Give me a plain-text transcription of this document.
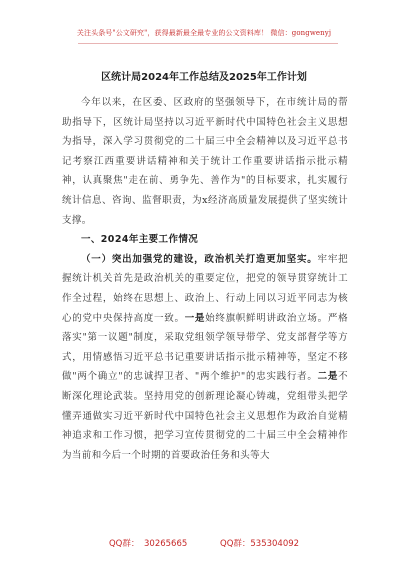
关注头条号"公文研究"，获得最新最全最专业的公文资料库！ 微信：gongwenyj
区统计局2024年工作总结及2025年工作计划

今年以来，在区委、区政府的坚强领导下，在市统计局的帮助指导下，区统计局坚持以习近平新时代中国特色社会主义思想为指导，深入学习贯彻党的二十届三中全会精神以及习近平总书记考察江西重要讲话精神和关于统计工作重要讲话指示批示精神，认真聚焦"走在前、勇争先、善作为"的目标要求，扎实履行统计信息、咨询、监督职责，为x经济高质量发展提供了坚实统计支撑。

一、2024年主要工作情况

（一）突出加强党的建设，政治机关打造更加坚实。牢牢把握统计机关首先是政治机关的重要定位，把党的领导贯穿统计工作全过程，始终在思想上、政治上、行动上同以习近平同志为核心的党中央保持高度一致。一是始终旗帜鲜明讲政治立场。严格落实"第一议题"制度，采取党组领学领导带学、党支部督学等方式，用情感悟习近平总书记重要讲话指示批示精神等，坚定不移做"两个确立"的忠诚捍卫者、"两个维护"的忠实践行者。二是不断深化理论武装。坚持用党的创新理论凝心铸魂，党组带头把学懂弄通做实习近平新时代中国特色社会主义思想作为政治自觉精神追求和工作习惯，把学习宣传贯彻党的二十届三中全会精神作为当前和今后一个时期的首要政治任务和头等大

QQ群： 30265665	QQ群：535304092
